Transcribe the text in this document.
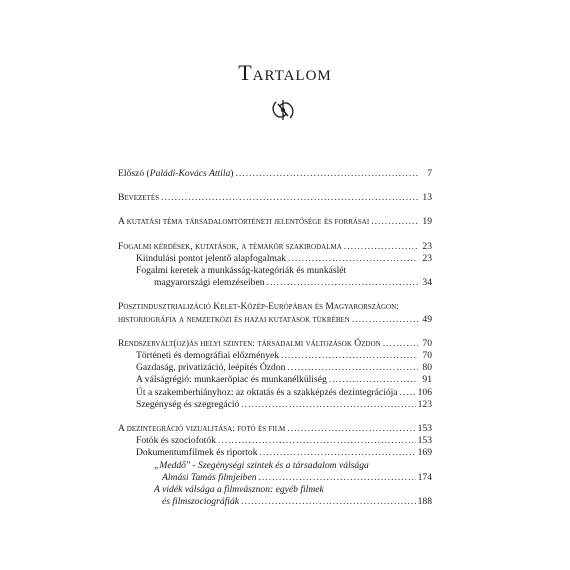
Tartalom
Előszó (Paládi-Kovács Attila) .....	7
Bevezetés .....	13
A kutatási téma társadalomtörténeti jelentősége és forrásai .....	19
Fogalmi kérdések, kutatások, a témakör szakirodalma .....	23
Kiindulási pontot jelentő alapfogalmak .....	23
Fogalmi keretek a munkásság-kategóriák és munkáslét
magyarországi elemzéseiben .....	34
Posztindusztrializáció Kelet-Közép-Európában és Magyarországon:
historiográfia a nemzetközi és hazai kutatások tükrében .....	49
Rendszervált(oz)ás helyi szinten: társadalmi változások Ózdon .....	70
Történeti és demográfiai előzmények .....	70
Gazdaság, privatizáció, leépítés Ózdon .....	80
A válságrégió: munkaerőpiac és munkanélküliség .....	91
Út a szakemberhiányhoz: az oktatás és a szakképzés dezintegrációja ..... 106
Szegénység és szegregáció .....	123
A dezintegráció vizualitása: fotó és film .....	153
Fotók és szociofotók .....	153
Dokumentumfilmek és riportok .....	169
„Meddő" - Szegénységi szintek és a társadalom válsága
Almási Tamás filmjeiben .....	174
A vidék válsága a filmvásznon: egyéb filmek
és filmszociográfiák .....	188
